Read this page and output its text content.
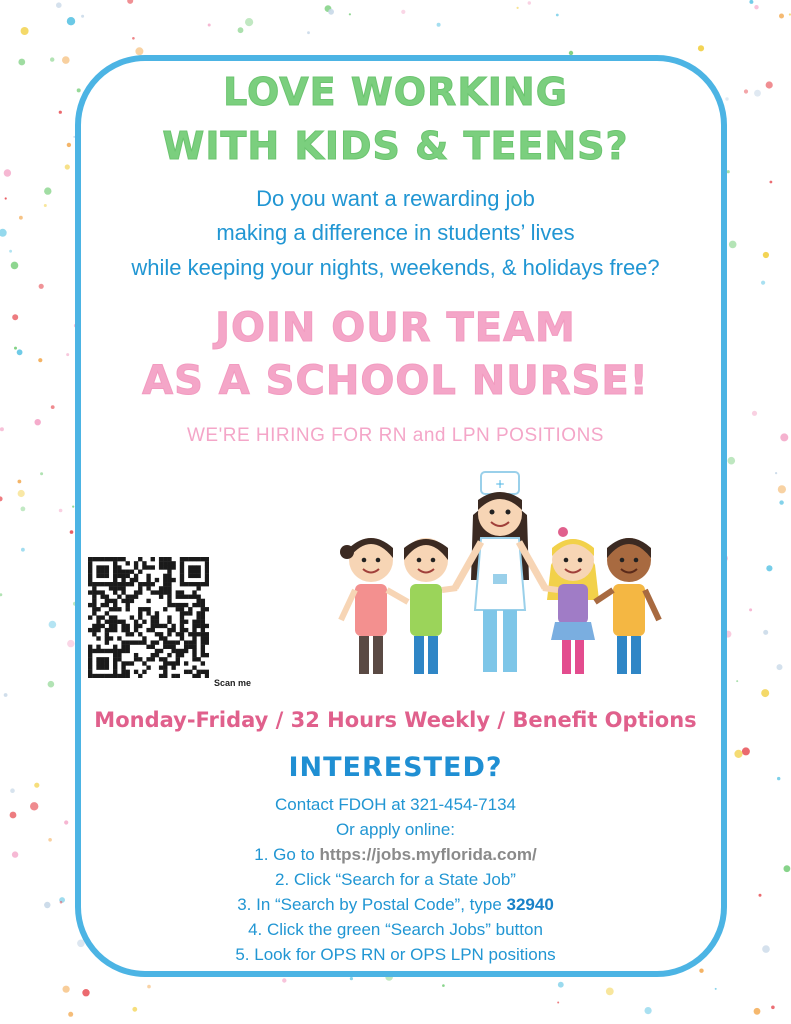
LOVE WORKING
WITH KIDS & TEENS?
Do you want a rewarding job
making a difference in students’ lives
while keeping your nights, weekends, & holidays free?
JOIN OUR TEAM
AS A SCHOOL NURSE!
WE'RE HIRING FOR RN and LPN POSITIONS
Scan me
+
Monday-Friday / 32 Hours Weekly / Benefit Options
INTERESTED?
Contact FDOH at 321-454-7134
Or apply online:
1. Go to https://jobs.myflorida.com/
2. Click “Search for a State Job”
3. In “Search by Postal Code”, type 32940
4. Click the green “Search Jobs” button
5. Look for OPS RN or OPS LPN positions
